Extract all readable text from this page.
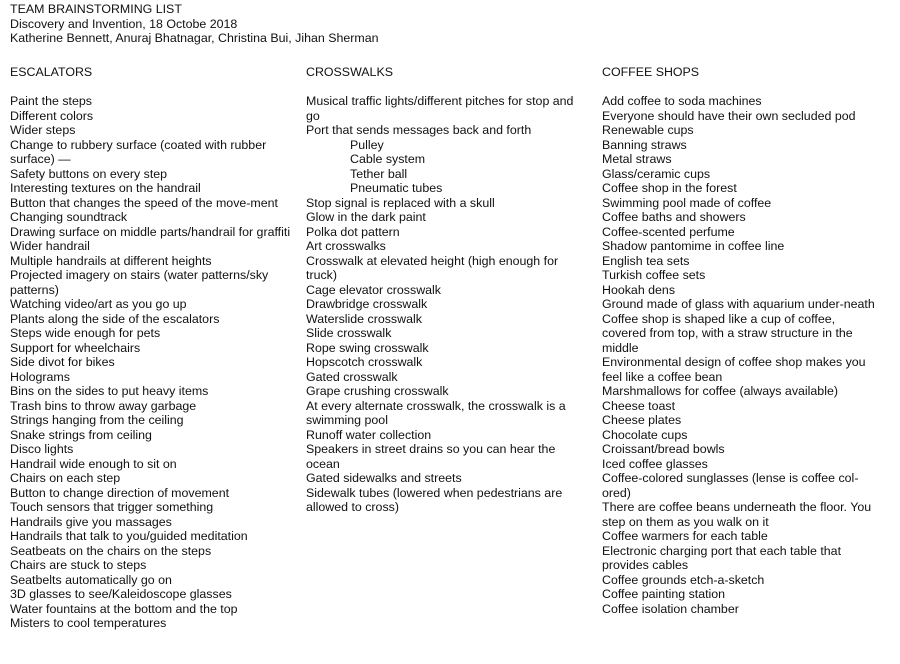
TEAM BRAINSTORMING LIST
Discovery and Invention, 18 Octobe 2018
Katherine Bennett, Anuraj Bhatnagar, Christina Bui, Jihan Sherman
ESCALATORS
Paint the steps
Different colors
Wider steps
Change to rubbery surface (coated with rubber surface) —
Safety buttons on every step
Interesting textures on the handrail
Button that changes the speed of the move-ment
Changing soundtrack
Drawing surface on middle parts/handrail for graffiti
Wider handrail
Multiple handrails at different heights
Projected imagery on stairs (water patterns/sky patterns)
Watching video/art as you go up
Plants along the side of the escalators
Steps wide enough for pets
Support for wheelchairs
Side divot for bikes
Holograms
Bins on the sides to put heavy items
Trash bins to throw away garbage
Strings hanging from the ceiling
Snake strings from ceiling
Disco lights
Handrail wide enough to sit on
Chairs on each step
Button to change direction of movement
Touch sensors that trigger something
Handrails give you massages
Handrails that talk to you/guided meditation
Seatbeats on the chairs on the steps
Chairs are stuck to steps
Seatbelts automatically go on
3D glasses to see/Kaleidoscope glasses
Water fountains at the bottom and the top
Misters to cool temperatures
CROSSWALKS
Musical traffic lights/different pitches for stop and go
Port that sends messages back and forth
Pulley
Cable system
Tether ball
Pneumatic tubes
Stop signal is replaced with a skull
Glow in the dark paint
Polka dot pattern
Art crosswalks
Crosswalk at elevated height (high enough for truck)
Cage elevator crosswalk
Drawbridge crosswalk
Waterslide crosswalk
Slide crosswalk
Rope swing crosswalk
Hopscotch crosswalk
Gated crosswalk
Grape crushing crosswalk
At every alternate crosswalk, the crosswalk is a swimming pool
Runoff water collection
Speakers in street drains so you can hear the ocean
Gated sidewalks and streets
Sidewalk tubes (lowered when pedestrians are allowed to cross)
COFFEE SHOPS
Add coffee to soda machines
Everyone should have their own secluded pod
Renewable cups
Banning straws
Metal straws
Glass/ceramic cups
Coffee shop in the forest
Swimming pool made of coffee
Coffee baths and showers
Coffee-scented perfume
Shadow pantomime in coffee line
English tea sets
Turkish coffee sets
Hookah dens
Ground made of glass with aquarium under-neath
Coffee shop is shaped like a cup of coffee, covered from top, with a straw structure in the middle
Environmental design of coffee shop makes you feel like a coffee bean
Marshmallows for coffee (always available)
Cheese toast
Cheese plates
Chocolate cups
Croissant/bread bowls
Iced coffee glasses
Coffee-colored sunglasses (lense is coffee col-ored)
There are coffee beans underneath the floor. You step on them as you walk on it
Coffee warmers for each table
Electronic charging port that each table that provides cables
Coffee grounds etch-a-sketch
Coffee painting station
Coffee isolation chamber
